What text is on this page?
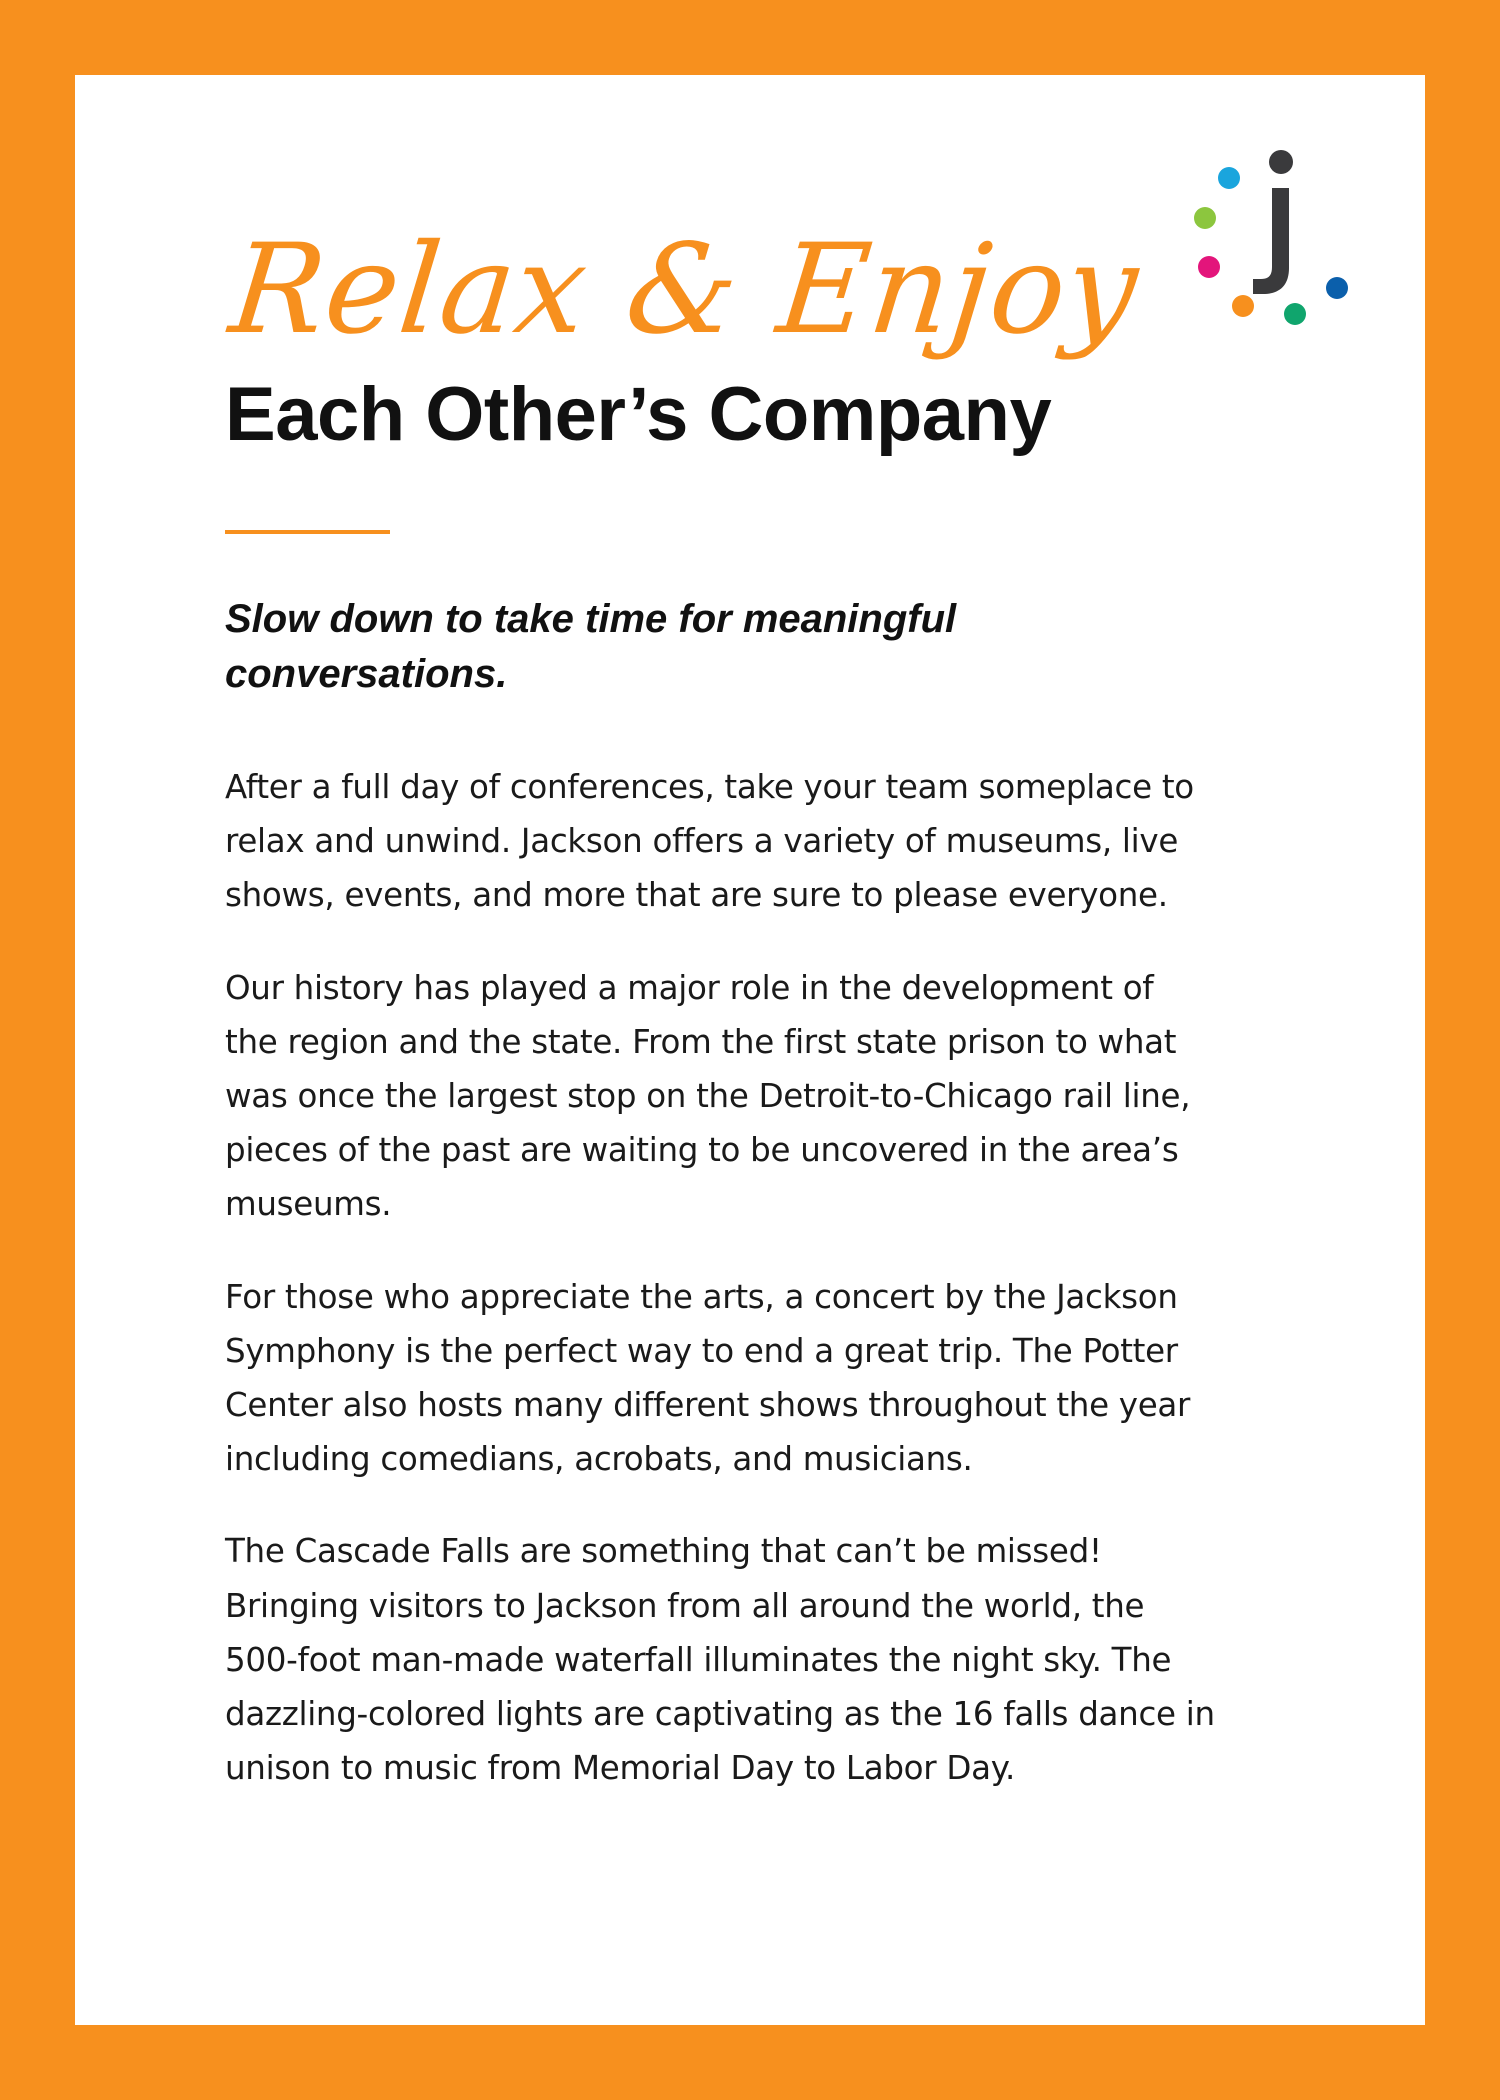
Relax & Enjoy
Each Other’s Company

Slow down to take time for meaningful conversations.

After a full day of conferences, take your team someplace to relax and unwind. Jackson offers a variety of museums, live shows, events, and more that are sure to please everyone.

Our history has played a major role in the development of the region and the state. From the first state prison to what was once the largest stop on the Detroit-to-Chicago rail line, pieces of the past are waiting to be uncovered in the area’s museums.

For those who appreciate the arts, a concert by the Jackson Symphony is the perfect way to end a great trip. The Potter Center also hosts many different shows throughout the year including comedians, acrobats, and musicians.

The Cascade Falls are something that can’t be missed! Bringing visitors to Jackson from all around the world, the 500-foot man-made waterfall illuminates the night sky. The dazzling-colored lights are captivating as the 16 falls dance in unison to music from Memorial Day to Labor Day.
